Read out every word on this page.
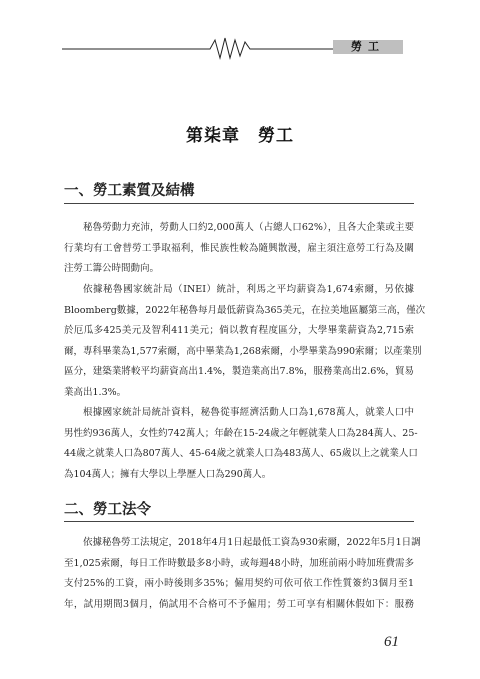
勞工
第柒章　勞工
一、勞工素質及結構

秘魯勞動力充沛，勞動人口約2,000萬人（占總人口62%），且各大企業或主要
行業均有工會替勞工爭取福利，惟民族性較為隨興散漫，雇主須注意勞工行為及關
注勞工籌公時間動向。

依據秘魯國家統計局（INEI）統計，利馬之平均薪資為1,674索爾，另依據
Bloomberg數據，2022年秘魯每月最低薪資為365美元，在拉美地區屬第三高，僅次
於厄瓜多425美元及智利411美元；倘以教育程度區分，大學畢業薪資為2,715索
爾，專科畢業為1,577索爾，高中畢業為1,268索爾，小學畢業為990索爾；以產業別
區分，建築業將較平均薪資高出1.4%，製造業高出7.8%，服務業高出2.6%，貿易
業高出1.3%。

根據國家統計局統計資料，秘魯從事經濟活動人口為1,678萬人，就業人口中
男性約936萬人，女性約742萬人；年齡在15-24歲之年輕就業人口為284萬人、25-
44歲之就業人口為807萬人、45-64歲之就業人口為483萬人、65歲以上之就業人口
為104萬人；擁有大學以上學歷人口為290萬人。

二、勞工法令

依據秘魯勞工法規定，2018年4月1日起最低工資為930索爾，2022年5月1日調
至1,025索爾，每日工作時數最多8小時，或每週48小時，加班前兩小時加班費需多
支付25%的工資，兩小時後則多35%；僱用契約可依可依工作性質簽約3個月至1
年，試用期間3個月，倘試用不合格可不予僱用；勞工可享有相關休假如下：服務

61
